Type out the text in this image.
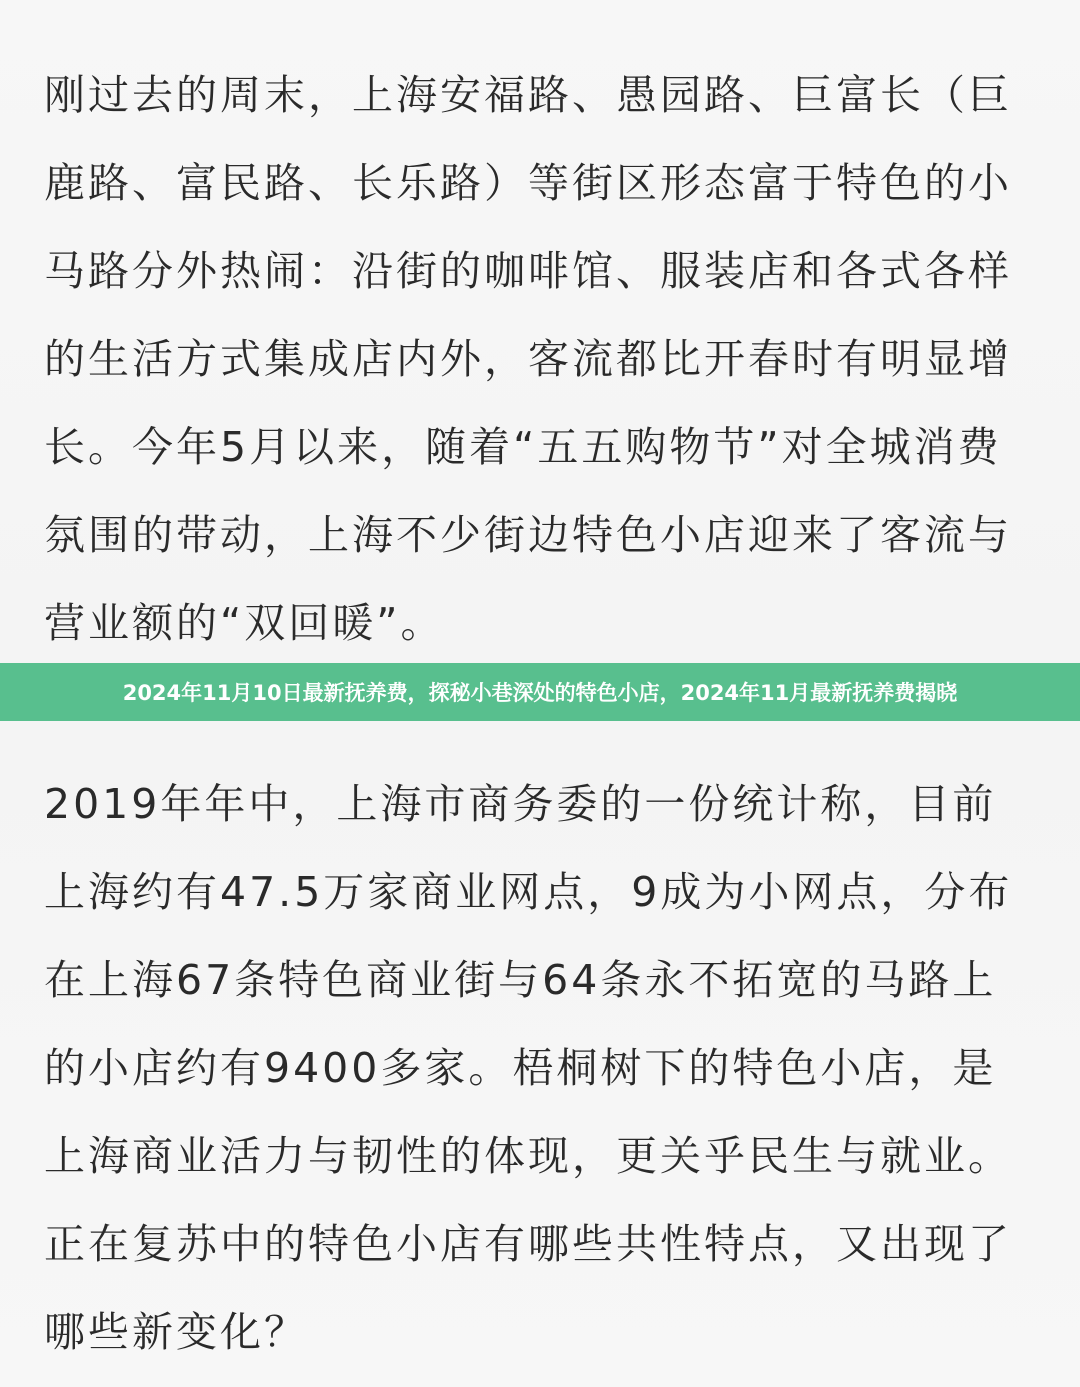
刚过去的周末，上海安福路、愚园路、巨富长（巨鹿路、富民路、长乐路）等街区形态富于特色的小马路分外热闹：沿街的咖啡馆、服装店和各式各样的生活方式集成店内外，客流都比开春时有明显增长。今年5月以来，随着“五五购物节”对全城消费氛围的带动，上海不少街边特色小店迎来了客流与营业额的“双回暖”。

2024年11月10日最新抚养费，探秘小巷深处的特色小店，2024年11月最新抚养费揭晓

2019年年中，上海市商务委的一份统计称，目前上海约有47.5万家商业网点，9成为小网点，分布在上海67条特色商业街与64条永不拓宽的马路上的小店约有9400多家。梧桐树下的特色小店，是上海商业活力与韧性的体现，更关乎民生与就业。正在复苏中的特色小店有哪些共性特点，又出现了哪些新变化？
